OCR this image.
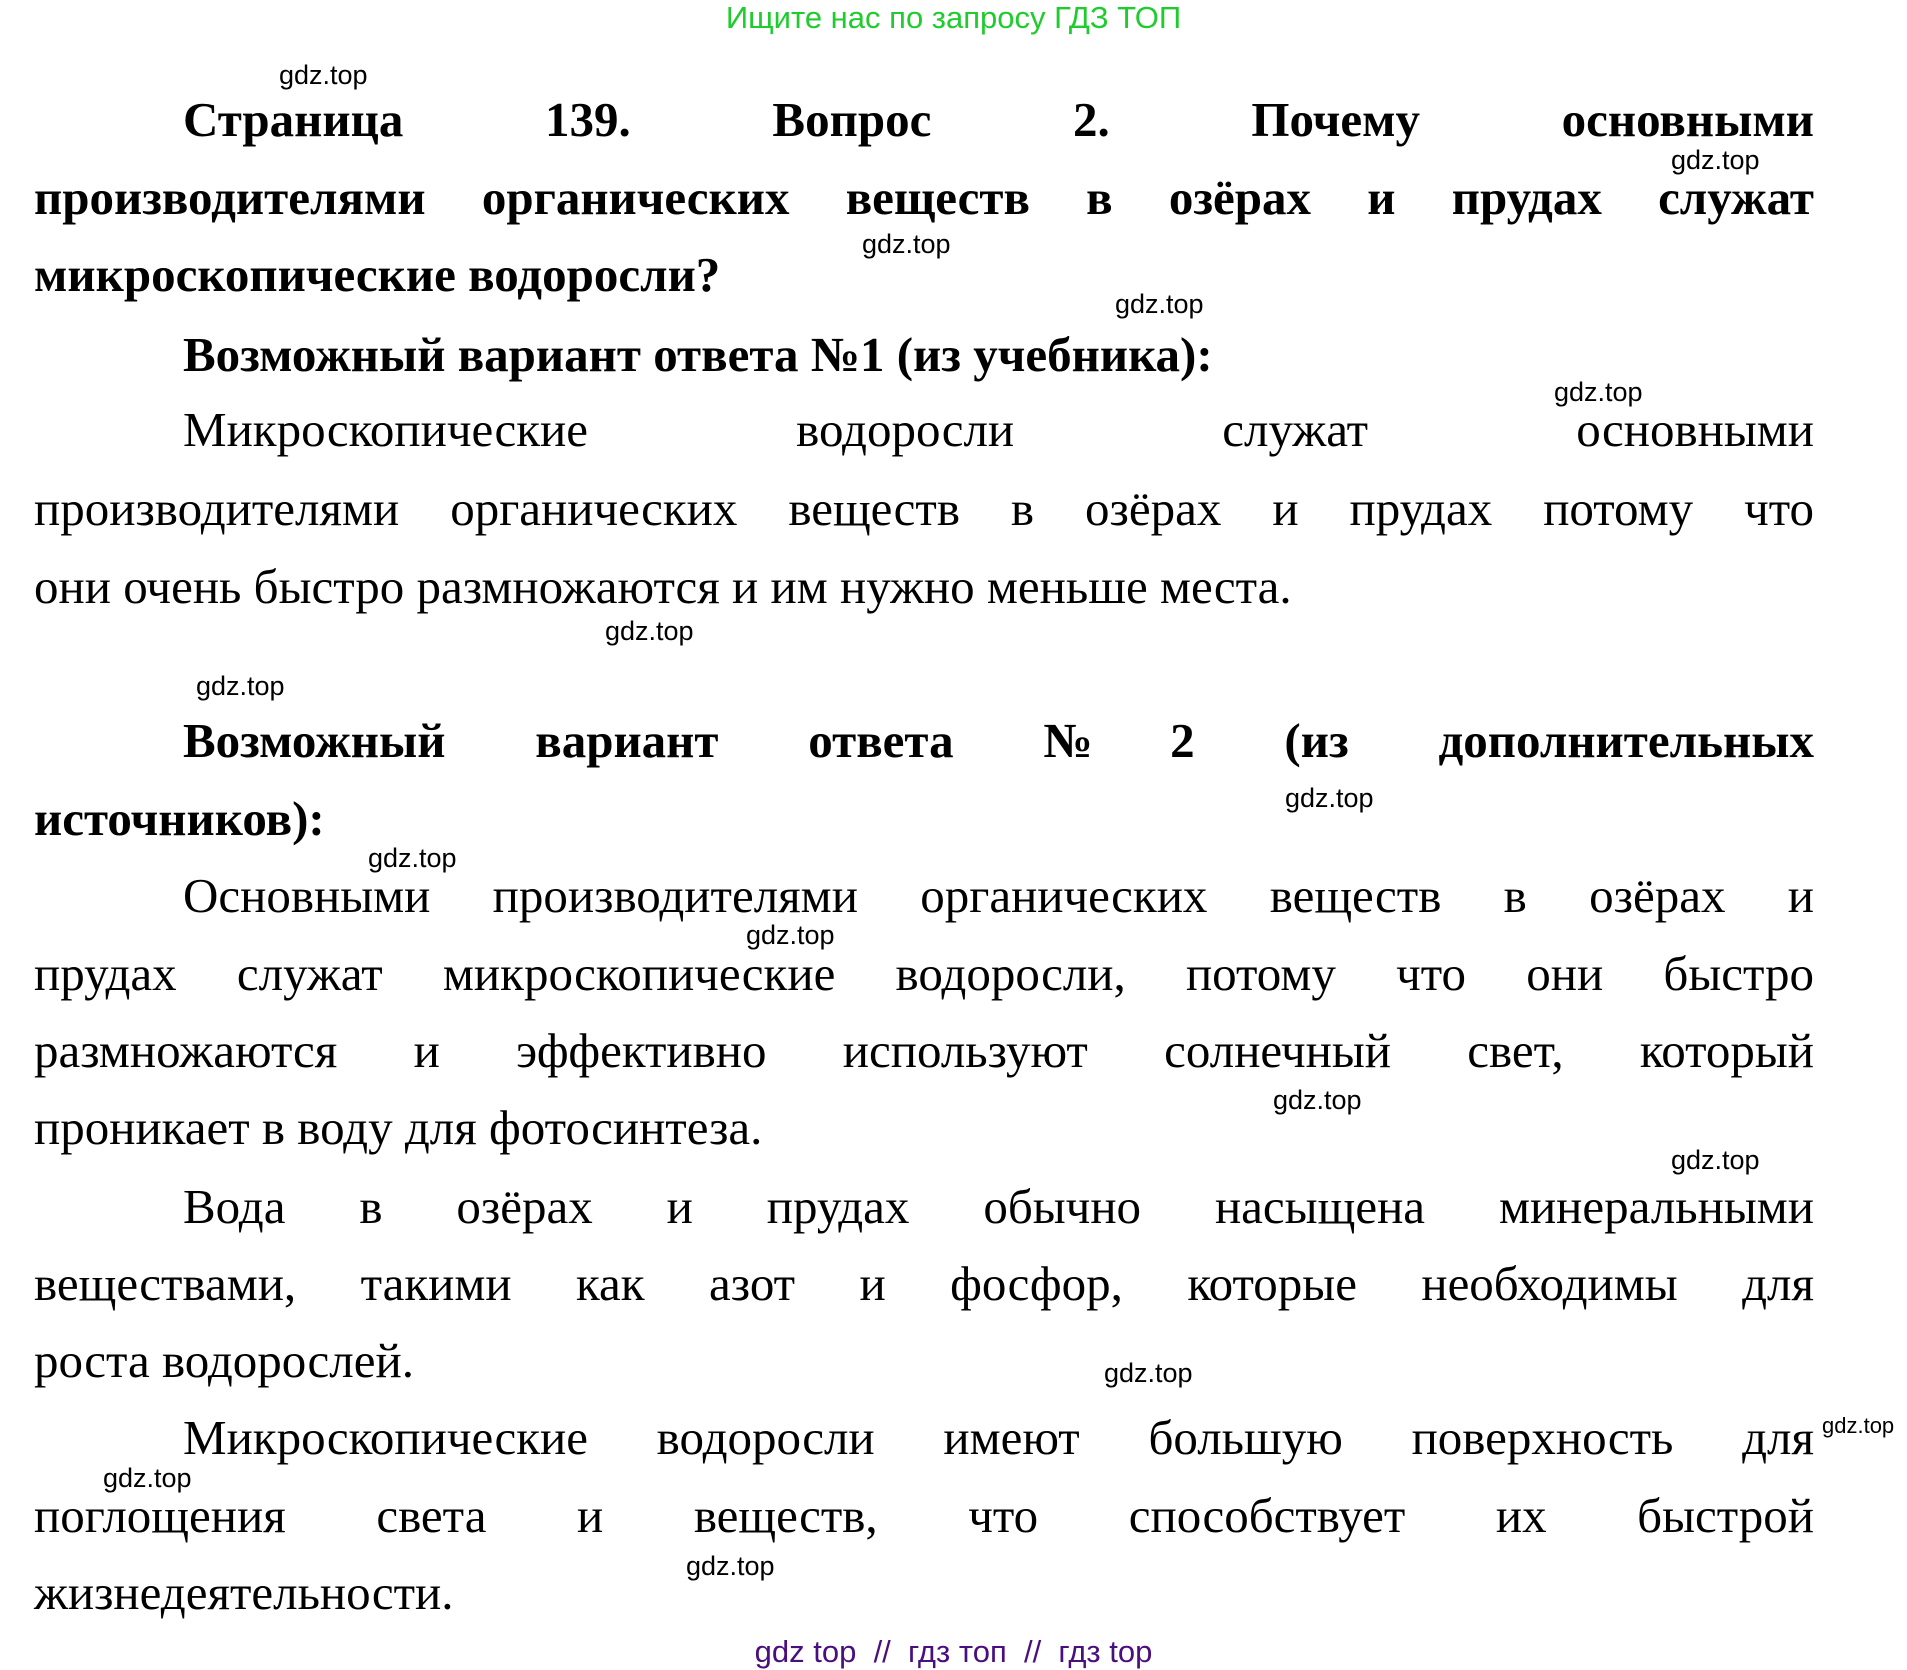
Ищите нас по запросу ГДЗ ТОП
Страница 139. Вопрос 2. Почему основными
производителями органических веществ в озёрах и прудах служат
микроскопические водоросли?
Возможный вариант ответа №1 (из учебника):
Микроскопические водоросли служат основными
производителями органических веществ в озёрах и прудах потому что
они очень быстро размножаются и им нужно меньше места.
Возможный вариант ответа №2 (из дополнительных
источников):
Основными производителями органических веществ в озёрах и
прудах служат микроскопические водоросли, потому что они быстро
размножаются и эффективно используют солнечный свет, который
проникает в воду для фотосинтеза.
Вода в озёрах и прудах обычно насыщена минеральными
веществами, такими как азот и фосфор, которые необходимы для
роста водорослей.
Микроскопические водоросли имеют большую поверхность для
поглощения света и веществ, что способствует их быстрой
жизнедеятельности.
gdz.top
gdz.top
gdz.top
gdz.top
gdz.top
gdz.top
gdz.top
gdz.top
gdz.top
gdz.top
gdz.top
gdz.top
gdz.top
gdz.top
gdz.top
gdz.top
gdz top  //  гдз топ  //  гдз top
